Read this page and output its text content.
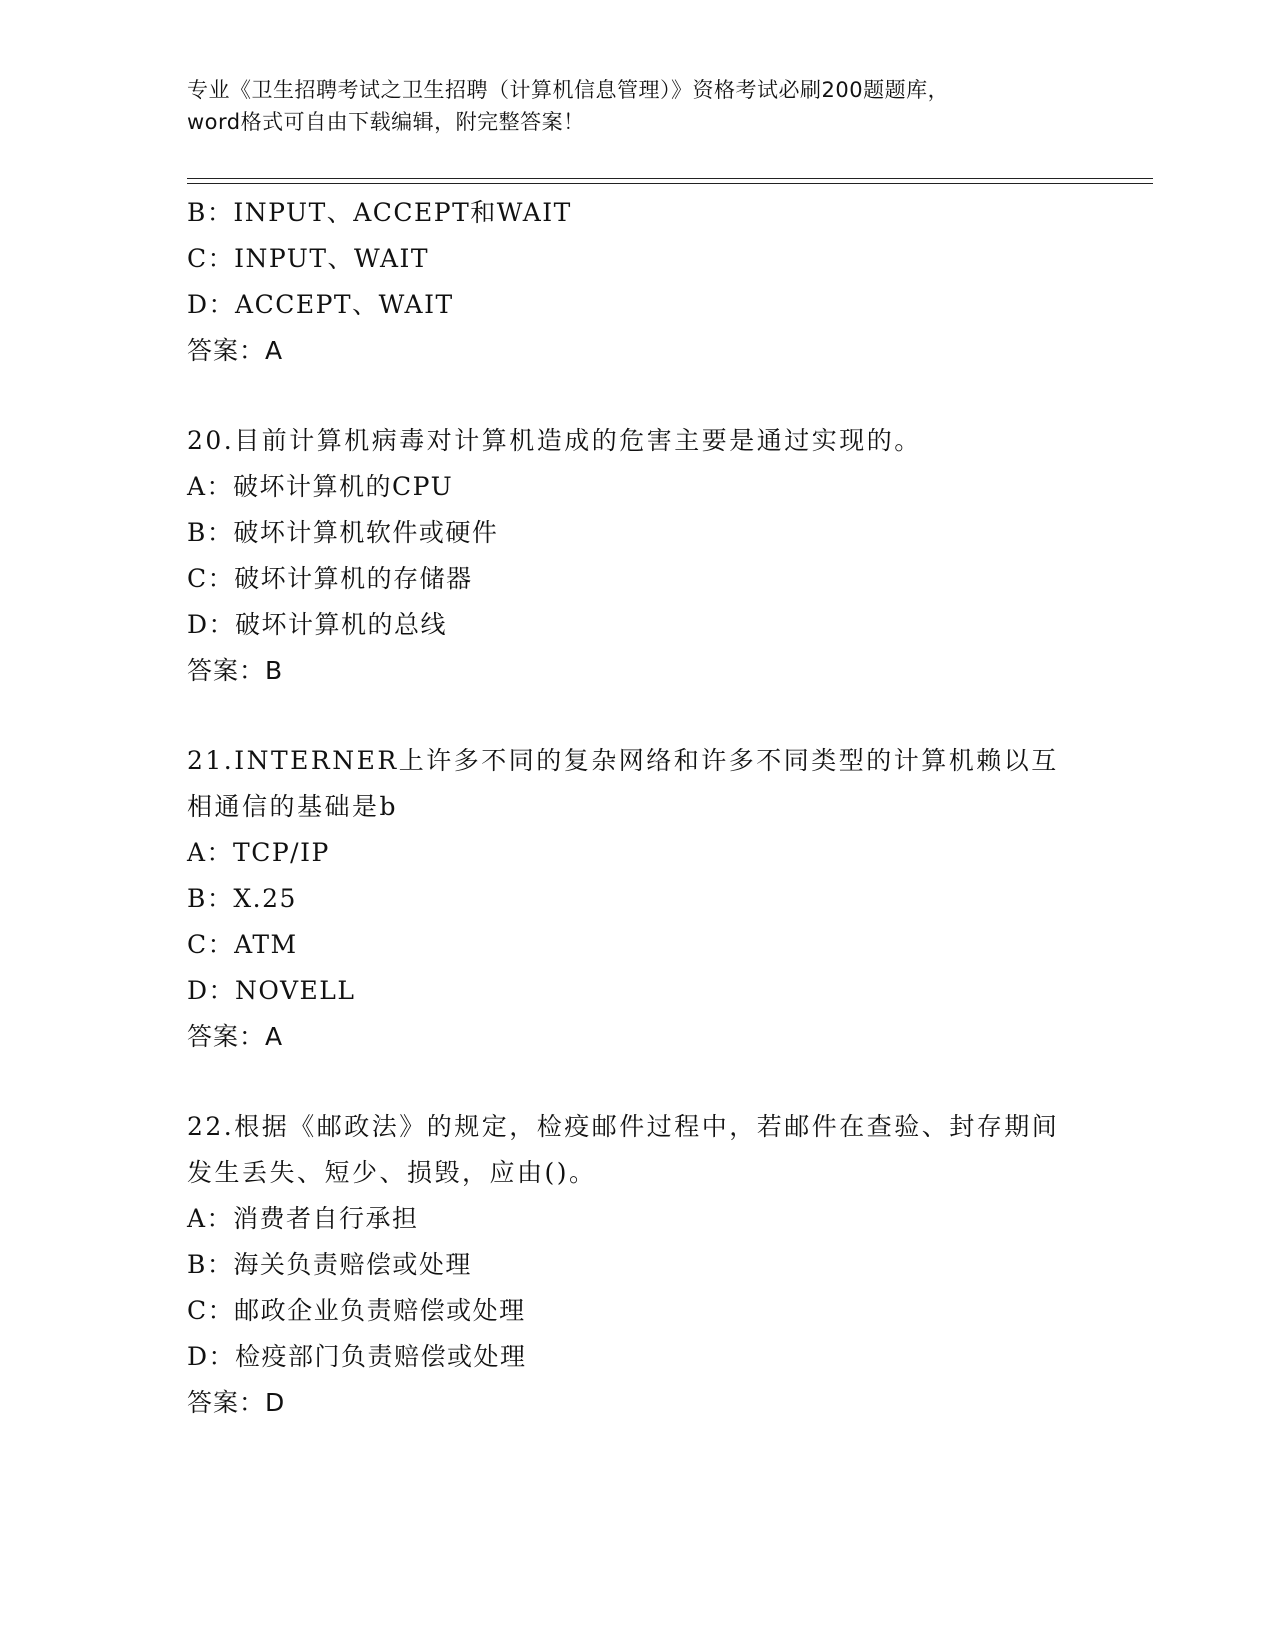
专业《卫生招聘考试之卫生招聘（计算机信息管理）》资格考试必刷200题题库，
word格式可自由下载编辑，附完整答案！
B：INPUT、ACCEPT和WAIT
C：INPUT、WAIT
D：ACCEPT、WAIT
答案：A
20.目前计算机病毒对计算机造成的危害主要是通过实现的。
A：破坏计算机的CPU
B：破坏计算机软件或硬件
C：破坏计算机的存储器
D：破坏计算机的总线
答案：B
21.INTERNER上许多不同的复杂网络和许多不同类型的计算机赖以互相通信的基础是b
A：TCP/IP
B：X.25
C：ATM
D：NOVELL
答案：A
22.根据《邮政法》的规定，检疫邮件过程中，若邮件在查验、封存期间发生丢失、短少、损毁，应由()。
A：消费者自行承担
B：海关负责赔偿或处理
C：邮政企业负责赔偿或处理
D：检疫部门负责赔偿或处理
答案：D
